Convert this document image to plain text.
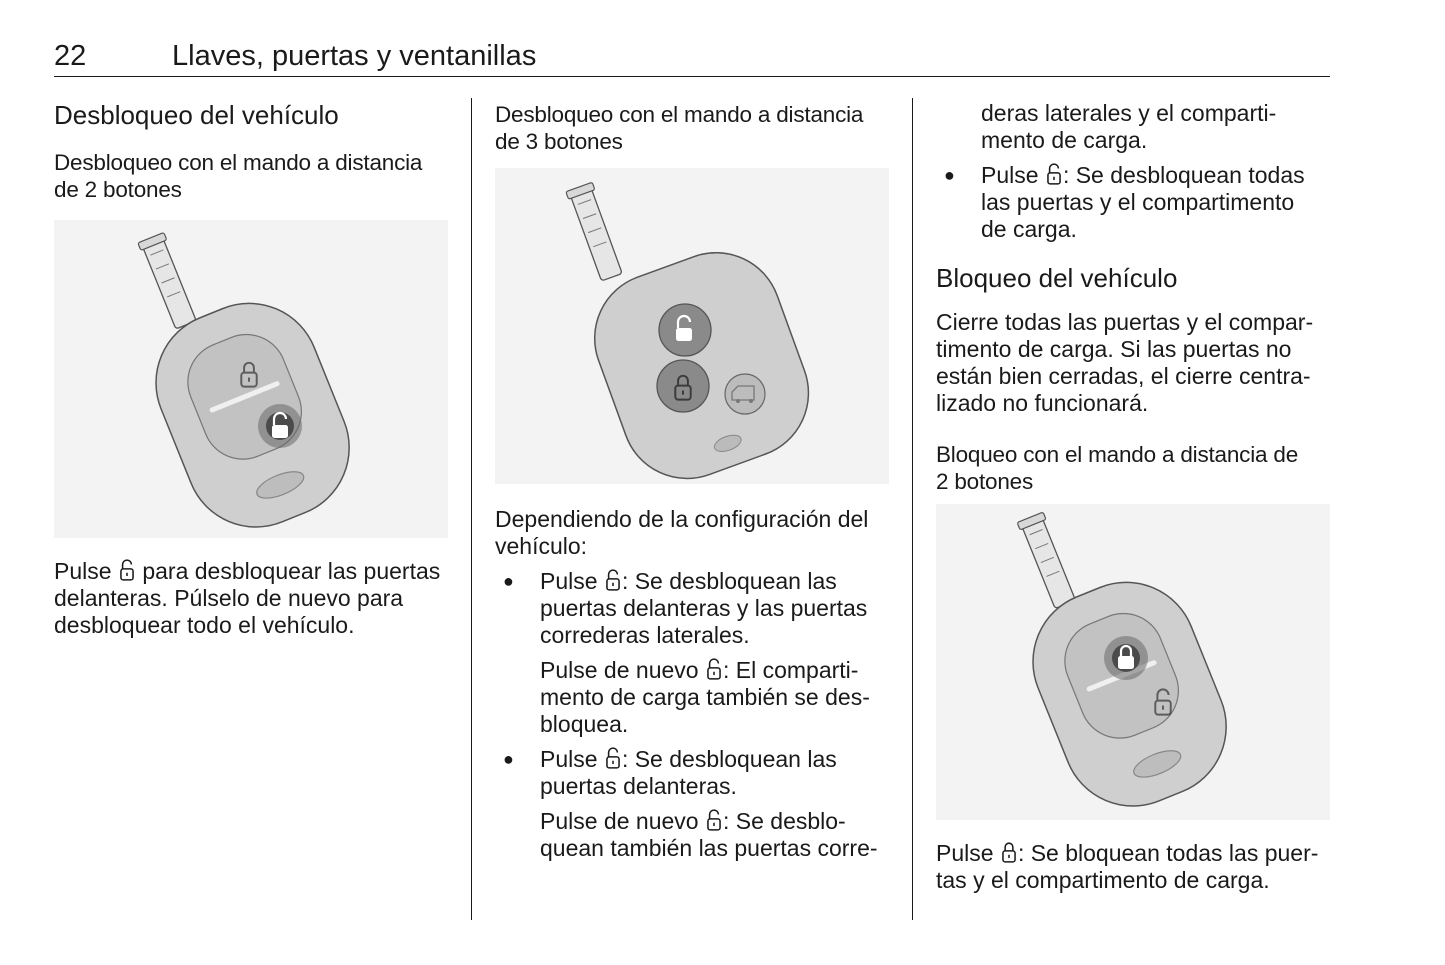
22	Llaves, puertas y ventanillas
Desbloqueo del vehículo
Desbloqueo con el mando a distancia
de 2 botones

Pulse  para desbloquear las puertas
delanteras. Púlselo de nuevo para
desbloquear todo el vehículo.

Desbloqueo con el mando a distancia
de 3 botones

Dependiendo de la configuración del
vehículo:

● Pulse : Se desbloquean las
puertas delanteras y las puertas
correderas laterales.

Pulse de nuevo : El comparti-
mento de carga también se des-
bloquea.

● Pulse : Se desbloquean las
puertas delanteras.

Pulse de nuevo : Se desblo-
quean también las puertas corre-

deras laterales y el comparti-
mento de carga.

● Pulse : Se desbloquean todas
las puertas y el compartimento
de carga.
Bloqueo del vehículo

Cierre todas las puertas y el compar-
timento de carga. Si las puertas no
están bien cerradas, el cierre centra-
lizado no funcionará.

Bloqueo con el mando a distancia de
2 botones

Pulse : Se bloquean todas las puer-
tas y el compartimento de carga.
